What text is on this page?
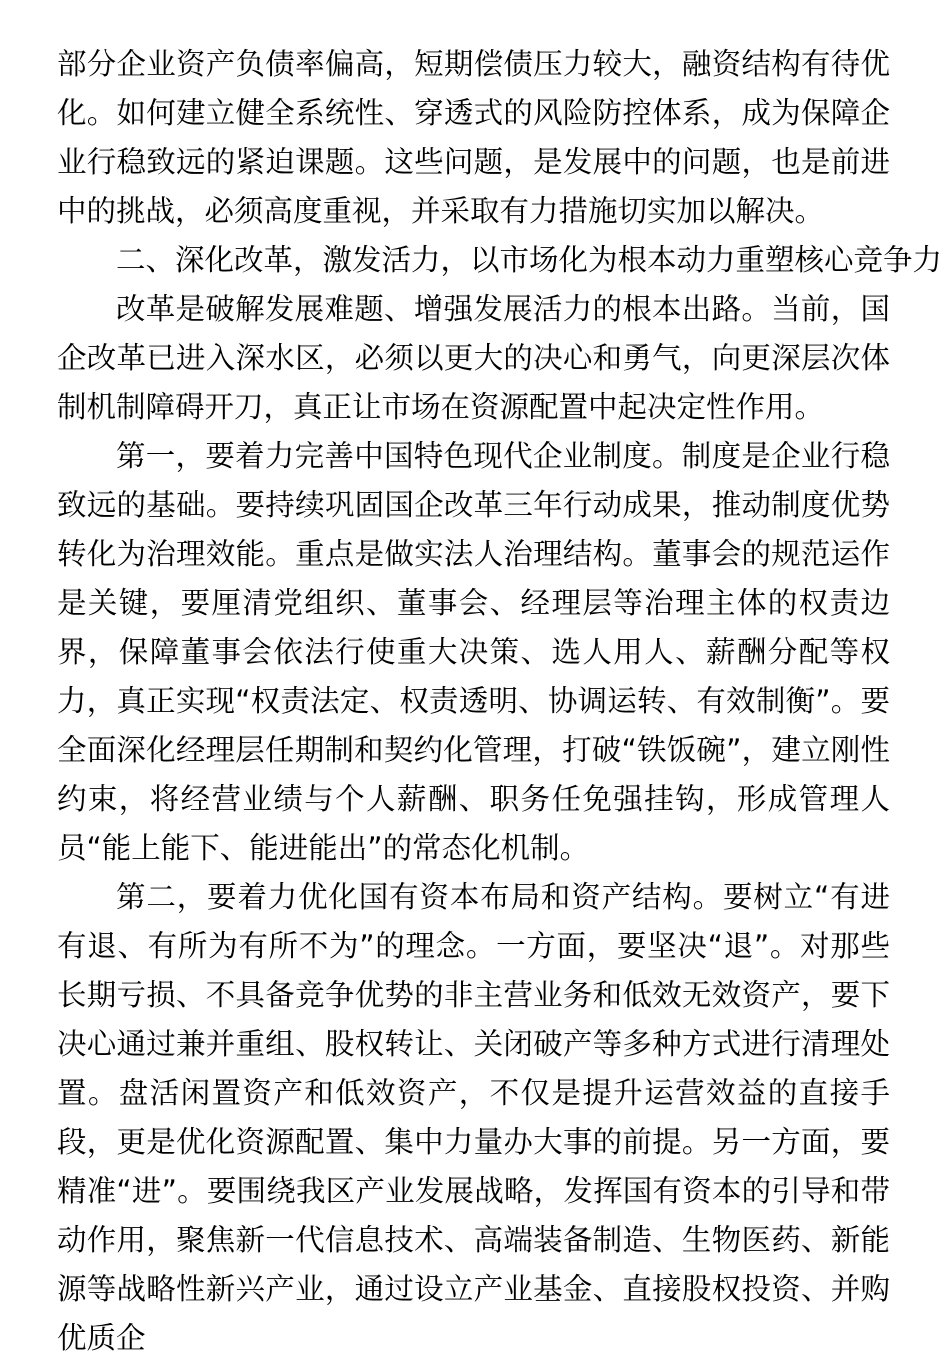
部分企业资产负债率偏高，短期偿债压力较大，融资结构有待优化。如何建立健全系统性、穿透式的风险防控体系，成为保障企业行稳致远的紧迫课题。这些问题，是发展中的问题，也是前进中的挑战，必须高度重视，并采取有力措施切实加以解决。

二、深化改革，激发活力，以市场化为根本动力重塑核心竞争力

改革是破解发展难题、增强发展活力的根本出路。当前，国企改革已进入深水区，必须以更大的决心和勇气，向更深层次体制机制障碍开刀，真正让市场在资源配置中起决定性作用。

第一，要着力完善中国特色现代企业制度。制度是企业行稳致远的基础。要持续巩固国企改革三年行动成果，推动制度优势转化为治理效能。重点是做实法人治理结构。董事会的规范运作是关键，要厘清党组织、董事会、经理层等治理主体的权责边界，保障董事会依法行使重大决策、选人用人、薪酬分配等权力，真正实现“权责法定、权责透明、协调运转、有效制衡”。要全面深化经理层任期制和契约化管理，打破“铁饭碗”，建立刚性约束，将经营业绩与个人薪酬、职务任免强挂钩，形成管理人员“能上能下、能进能出”的常态化机制。

第二，要着力优化国有资本布局和资产结构。要树立“有进有退、有所为有所不为”的理念。一方面，要坚决“退”。对那些长期亏损、不具备竞争优势的非主营业务和低效无效资产，要下决心通过兼并重组、股权转让、关闭破产等多种方式进行清理处置。盘活闲置资产和低效资产，不仅是提升运营效益的直接手段，更是优化资源配置、集中力量办大事的前提。另一方面，要精准“进”。要围绕我区产业发展战略，发挥国有资本的引导和带动作用，聚焦新一代信息技术、高端装备制造、生物医药、新能源等战略性新兴产业，通过设立产业基金、直接股权投资、并购优质企
